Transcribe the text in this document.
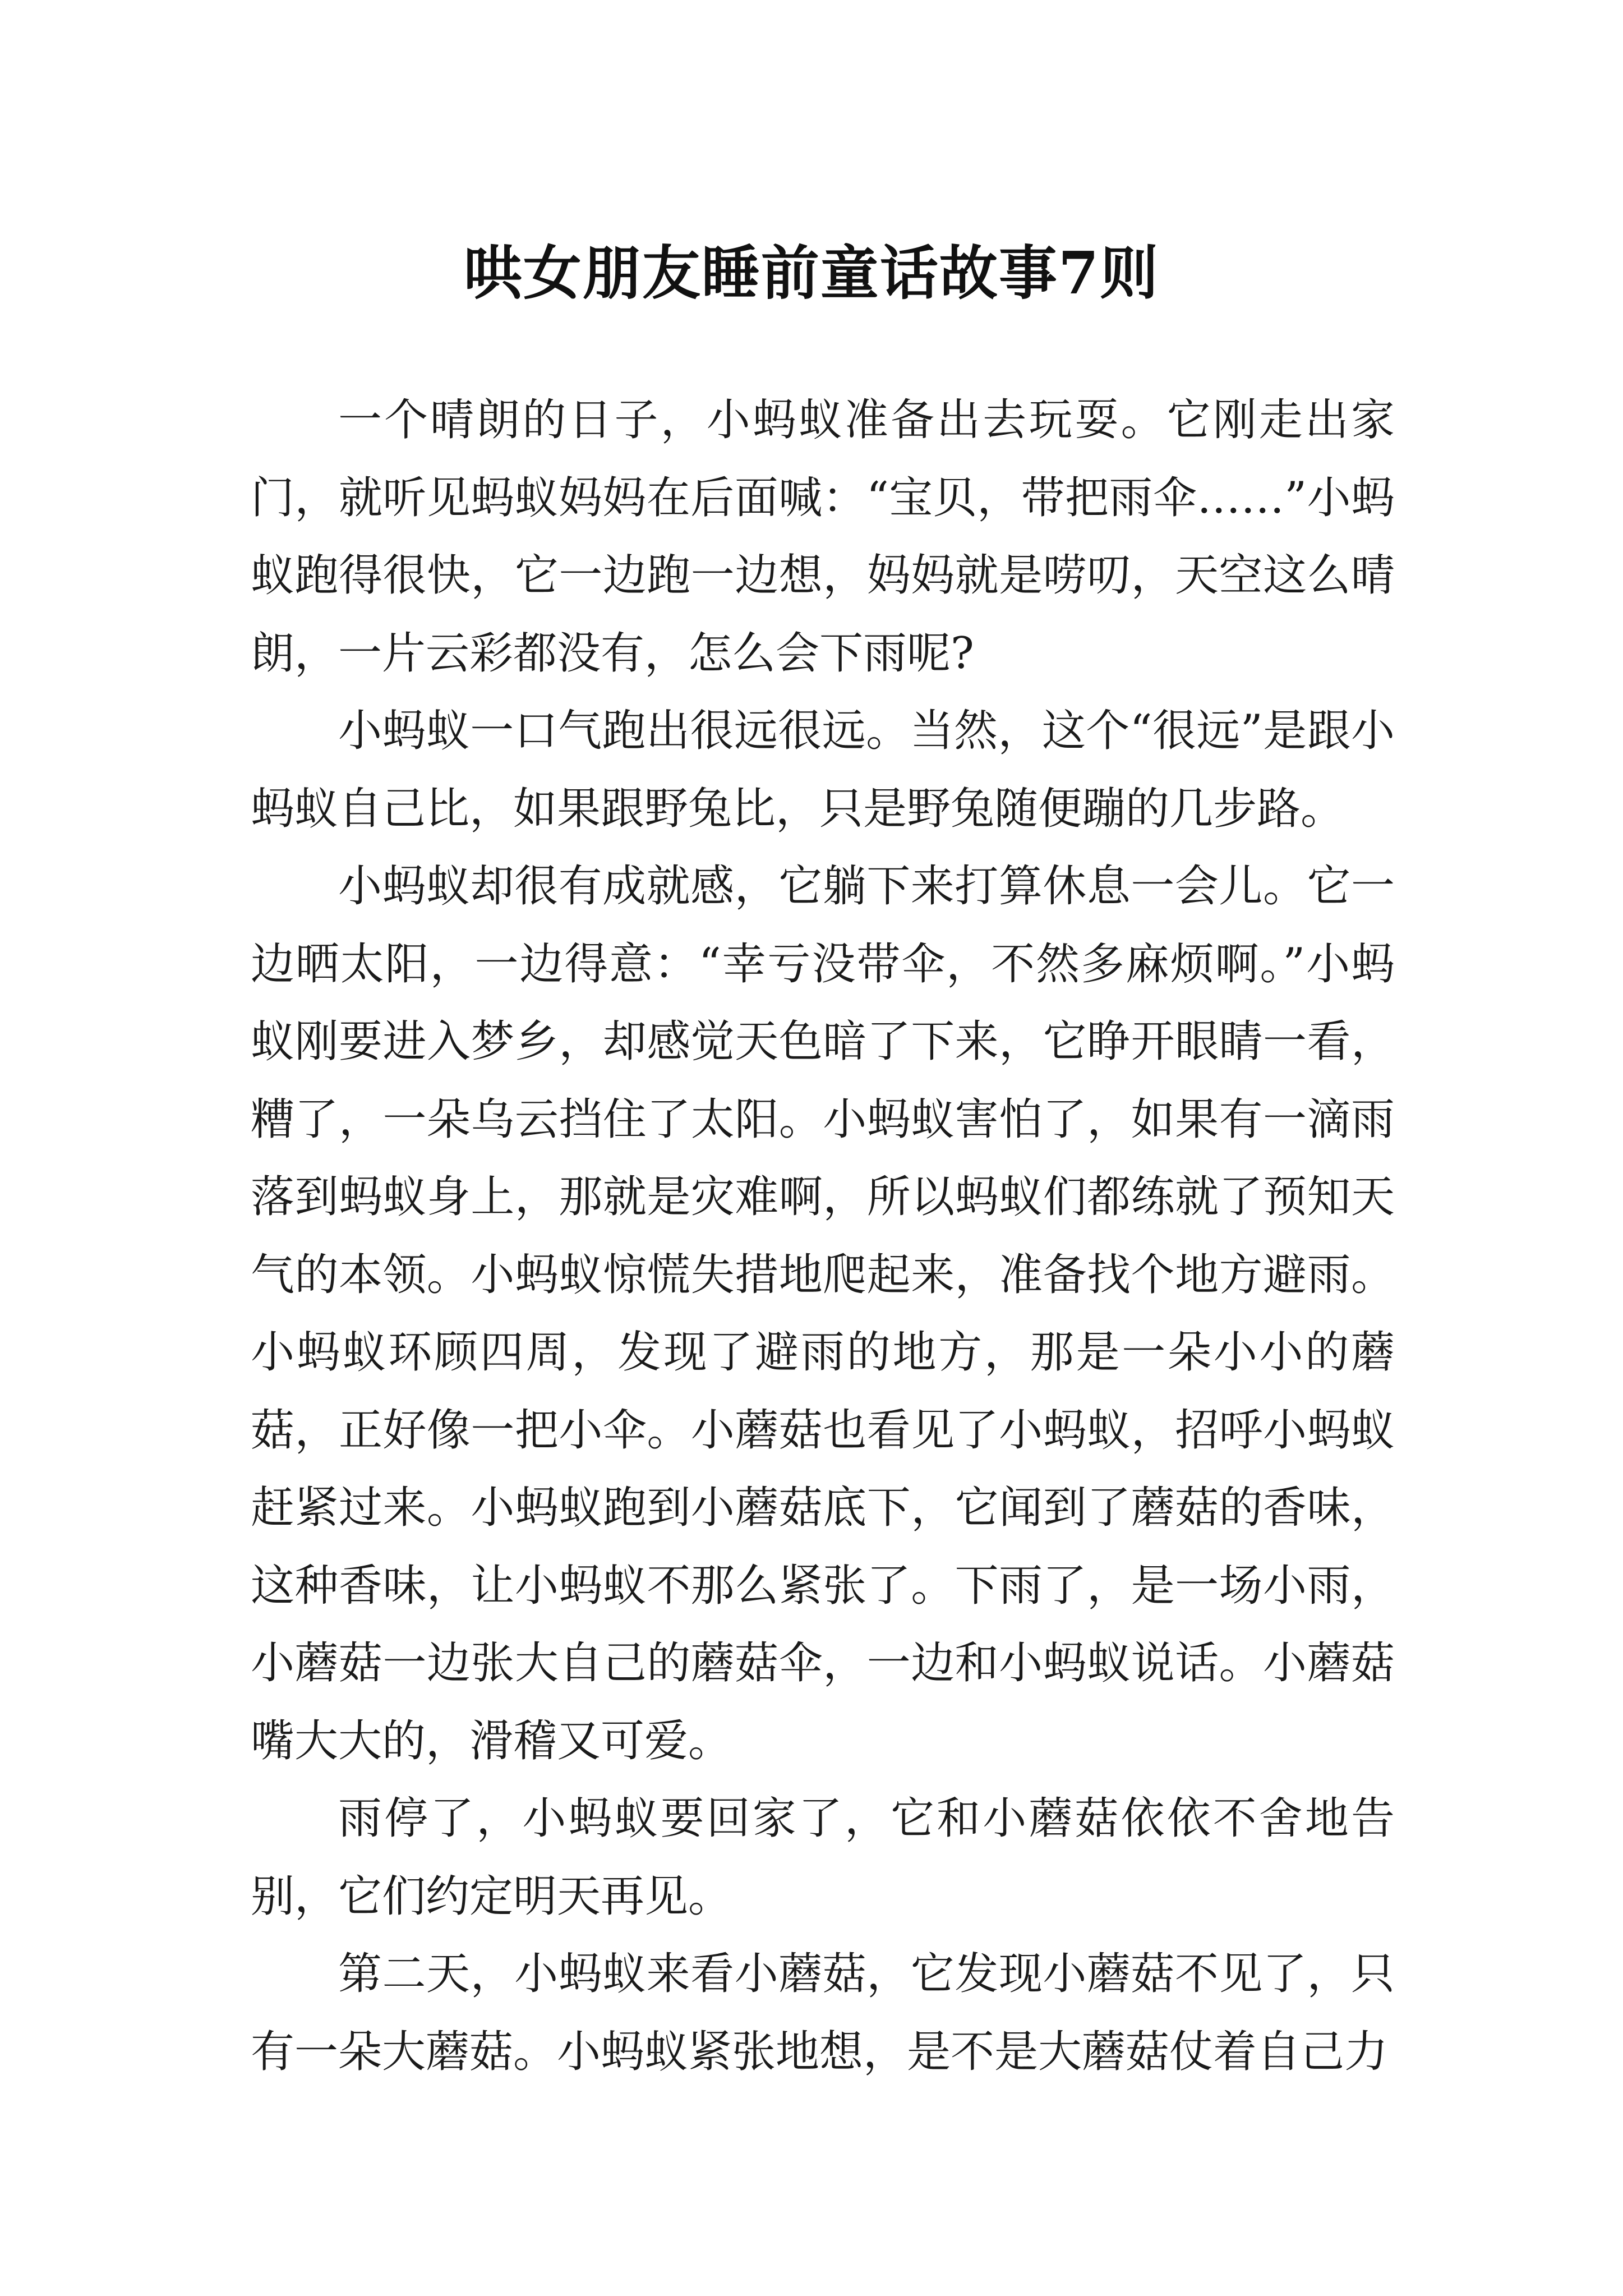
哄女朋友睡前童话故事7则

一个晴朗的日子，小蚂蚁准备出去玩耍。它刚走出家门，就听见蚂蚁妈妈在后面喊：“宝贝，带把雨伞……”小蚂蚁跑得很快，它一边跑一边想，妈妈就是唠叨，天空这么晴朗，一片云彩都没有，怎么会下雨呢?

小蚂蚁一口气跑出很远很远。当然，这个“很远”是跟小蚂蚁自己比，如果跟野兔比，只是野兔随便蹦的几步路。

小蚂蚁却很有成就感，它躺下来打算休息一会儿。它一边晒太阳，一边得意：“幸亏没带伞，不然多麻烦啊。”小蚂蚁刚要进入梦乡，却感觉天色暗了下来，它睁开眼睛一看，糟了，一朵乌云挡住了太阳。小蚂蚁害怕了，如果有一滴雨落到蚂蚁身上，那就是灾难啊，所以蚂蚁们都练就了预知天气的本领。小蚂蚁惊慌失措地爬起来，准备找个地方避雨。小蚂蚁环顾四周，发现了避雨的地方，那是一朵小小的蘑菇，正好像一把小伞。小蘑菇也看见了小蚂蚁，招呼小蚂蚁赶紧过来。小蚂蚁跑到小蘑菇底下，它闻到了蘑菇的香味，这种香味，让小蚂蚁不那么紧张了。下雨了，是一场小雨，小蘑菇一边张大自己的蘑菇伞，一边和小蚂蚁说话。小蘑菇嘴大大的，滑稽又可爱。

雨停了，小蚂蚁要回家了，它和小蘑菇依依不舍地告别，它们约定明天再见。

第二天，小蚂蚁来看小蘑菇，它发现小蘑菇不见了，只有一朵大蘑菇。小蚂蚁紧张地想，是不是大蘑菇仗着自己力
